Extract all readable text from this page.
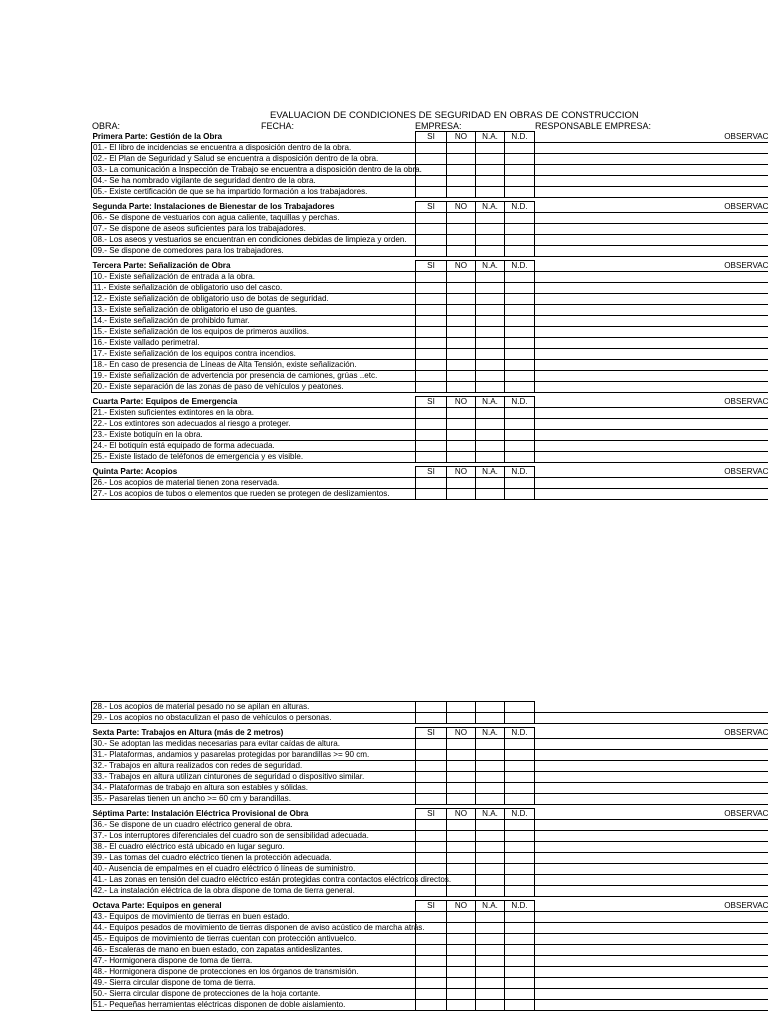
EVALUACION DE CONDICIONES DE SEGURIDAD EN OBRAS DE CONSTRUCCION
OBRA:	FECHA:	EMPRESA:	RESPONSABLE EMPRESA:
Primera Parte: Gestión de la Obra	SI	NO	N.A.	N.D.	OBSERVAC
01.- El libro de incidencias se encuentra a disposición dentro de la obra.					
02.- El Plan de Seguridad y Salud se encuentra a disposición dentro de la obra.					
03.- La comunicación a Inspección de Trabajo se encuentra a disposición dentro de la obra.					
04.- Se ha nombrado vigilante de seguridad dentro de la obra.					
05.- Existe certificación de que se ha impartido formación a los trabajadores.					

Segunda Parte: Instalaciones de Bienestar de los Trabajadores	SI	NO	N.A.	N.D.	OBSERVAC
06.- Se dispone de vestuarios con agua caliente, taquillas y perchas.					
07.- Se dispone de aseos suficientes para los trabajadores.					
08.- Los aseos y vestuarios se encuentran en condiciones debidas de limpieza y orden.					
09.- Se dispone de comedores para los trabajadores.					

Tercera Parte: Señalización de Obra	SI	NO	N.A.	N.D.	OBSERVAC
10.- Existe señalización de entrada a la obra.					
11.- Existe señalización de obligatorio uso del casco.					
12.- Existe señalización de obligatorio uso de botas de seguridad.					
13.- Existe señalización de obligatorio el uso de guantes.					
14.- Existe señalización de prohibido fumar.					
15.- Existe señalización de los equipos de primeros auxilios.					
16.- Existe vallado perimetral.					
17.- Existe señalización de los equipos contra incendios.					
18.- En caso de presencia de Líneas de Alta Tensión, existe señalización.					
19.- Existe señalización de advertencia por presencia de camiones, grúas ..etc.					
20.- Existe separación de las zonas de paso de vehículos y peatones.					

Cuarta Parte: Equipos de Emergencia	SI	NO	N.A.	N.D.	OBSERVAC
21.- Existen suficientes extintores en la obra.					
22.- Los extintores son adecuados al riesgo a proteger.					
23.- Existe botiquín en la obra.					
24.- El botiquín está equipado de forma adecuada.					
25.- Existe listado de teléfonos de emergencia y es visible.					

Quinta Parte: Acopios	SI	NO	N.A.	N.D.	OBSERVAC
26.- Los acopios de material tienen zona reservada.					
27.- Los acopios de tubos o elementos que rueden se protegen de deslizamientos.					
28.- Los acopios de material pesado no se apilan en alturas.					
29.- Los acopios no obstaculizan el paso de vehículos o personas.					

Sexta Parte: Trabajos en Altura (más de 2 metros)	SI	NO	N.A.	N.D.	OBSERVAC
30.- Se adoptan las medidas necesarias para evitar caídas de altura.					
31.- Plataformas, andamios y pasarelas protegidas por barandillas >= 90 cm.					
32.- Trabajos en altura realizados con redes de seguridad.					
33.- Trabajos en altura utilizan cinturones de seguridad o dispositivo similar.					
34.- Plataformas de trabajo en altura son estables y sólidas.					
35.- Pasarelas tienen un ancho >= 60 cm y barandillas.					

Séptima Parte: Instalación Eléctrica Provisional de Obra	SI	NO	N.A.	N.D.	OBSERVAC
36.- Se dispone de un cuadro eléctrico general de obra.					
37.- Los interruptores diferenciales del cuadro son de sensibilidad adecuada.					
38.- El cuadro eléctrico está ubicado en lugar seguro.					
39.- Las tomas del cuadro eléctrico tienen la protección adecuada.					
40.- Ausencia de empalmes en el cuadro eléctrico ó líneas de suministro.					
41.- Las zonas en tensión del cuadro eléctrico están protegidas contra contactos eléctricos directos.					
42.- La instalación eléctrica de la obra dispone de toma de tierra general.					

Octava Parte: Equipos en general	SI	NO	N.A.	N.D.	OBSERVAC
43.- Equipos de movimiento de tierras en buen estado.					
44.- Equipos pesados de movimiento de tierras disponen de aviso acústico de marcha atrás.					
45.- Equipos de movimiento de tierras cuentan con protección antivuelco.					
46.- Escaleras de mano en buen estado, con zapatas antideslizantes.					
47.- Hormigonera dispone de toma de tierra.					
48.- Hormigonera dispone de protecciones en los órganos de transmisión.					
49.- Sierra circular dispone de toma de tierra.					
50.- Sierra circular dispone de protecciones de la hoja cortante.					
51.- Pequeñas herramientas eléctricas disponen de doble aislamiento.					
